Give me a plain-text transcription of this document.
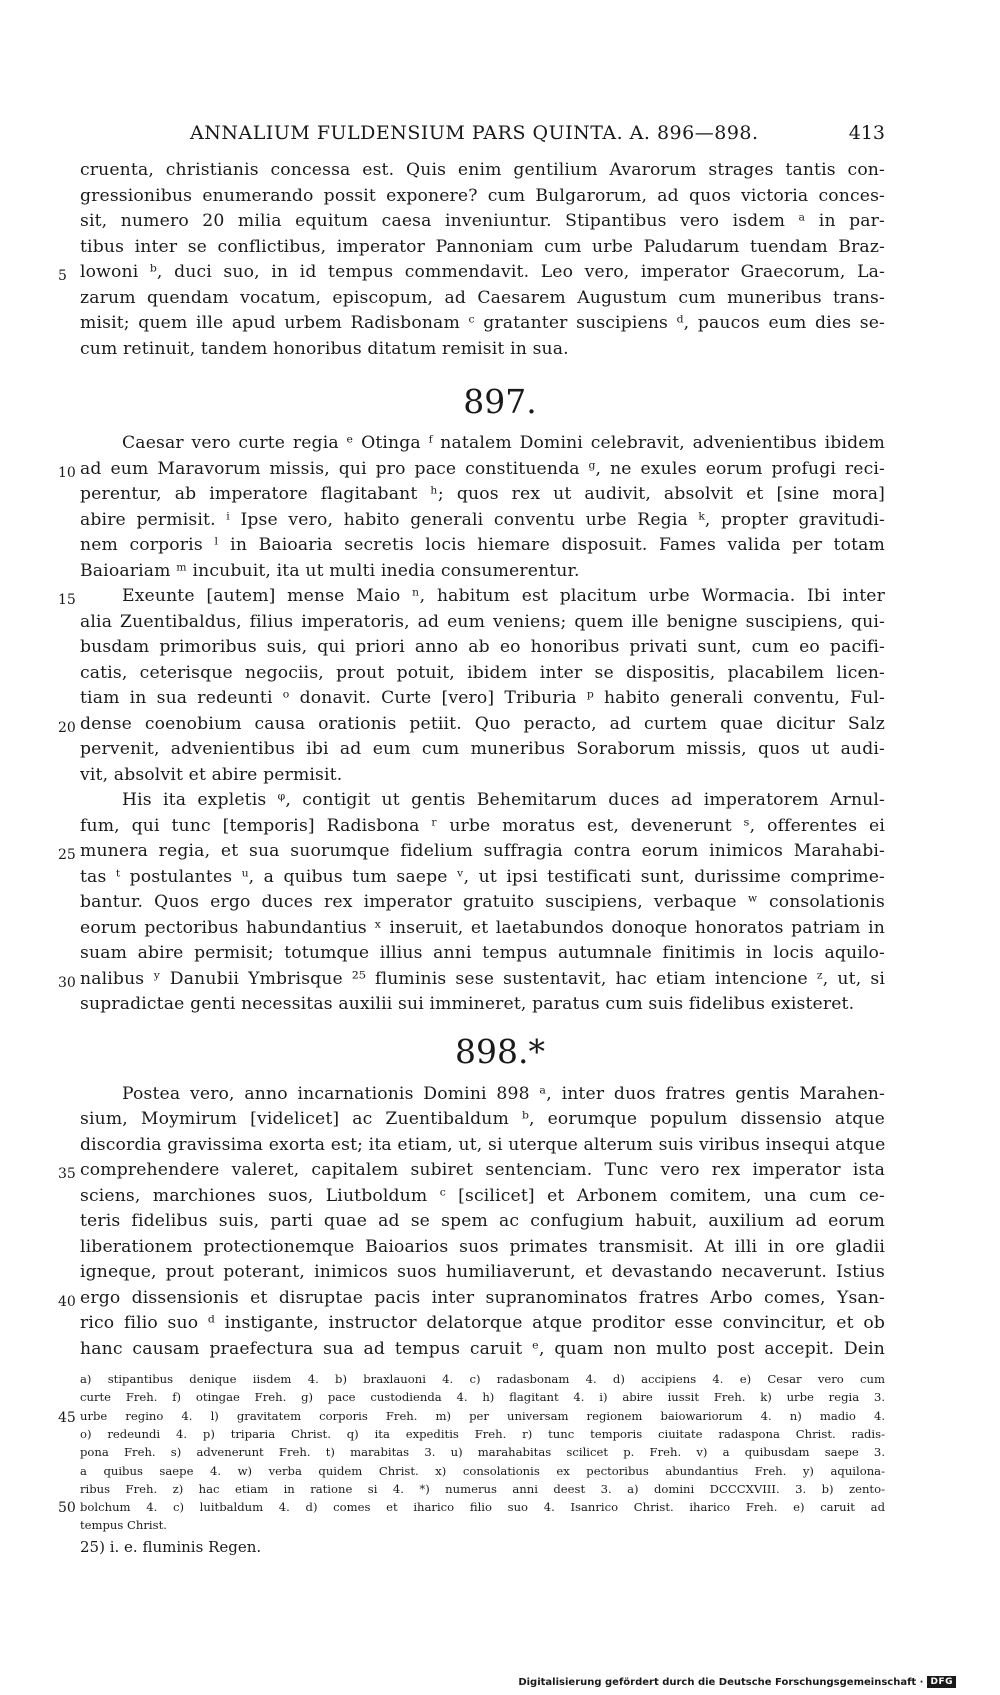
ANNALIUM FULDENSIUM PARS QUINTA. A. 896—898.	413
cruenta, christianis concessa est. Quis enim gentilium Avarorum strages tantis con-
gressionibus enumerando possit exponere? cum Bulgarorum, ad quos victoria conces-
sit, numero 20 milia equitum caesa inveniuntur. Stipantibus vero isdem ᵃ in par-
tibus inter se conflictibus, imperator Pannoniam cum urbe Paludarum tuendam Braz-
lowoni ᵇ, duci suo, in id tempus commendavit. Leo vero, imperator Graecorum, La-
zarum quendam vocatum, episcopum, ad Caesarem Augustum cum muneribus trans-
misit; quem ille apud urbem Radisbonam ᶜ gratanter suscipiens ᵈ, paucos eum dies se-
cum retinuit, tandem honoribus ditatum remisit in sua.
897.
Caesar vero curte regia ᵉ Otinga ᶠ natalem Domini celebravit, advenientibus ibidem
ad eum Maravorum missis, qui pro pace constituenda ᵍ, ne exules eorum profugi reci-
perentur, ab imperatore flagitabant ʰ; quos rex ut audivit, absolvit et [sine mora]
abire permisit. ⁱ Ipse vero, habito generali conventu urbe Regia ᵏ, propter gravitudi-
nem corporis ˡ in Baioaria secretis locis hiemare disposuit. Fames valida per totam
Baioariam ᵐ incubuit, ita ut multi inedia consumerentur.
Exeunte [autem] mense Maio ⁿ, habitum est placitum urbe Wormacia. Ibi inter
alia Zuentibaldus, filius imperatoris, ad eum veniens; quem ille benigne suscipiens, qui-
busdam primoribus suis, qui priori anno ab eo honoribus privati sunt, cum eo pacifi-
catis, ceterisque negociis, prout potuit, ibidem inter se dispositis, placabilem licen-
tiam in sua redeunti ᵒ donavit. Curte [vero] Triburia ᵖ habito generali conventu, Ful-
dense coenobium causa orationis petiit. Quo peracto, ad curtem quae dicitur Salz
pervenit, advenientibus ibi ad eum cum muneribus Soraborum missis, quos ut audi-
vit, absolvit et abire permisit.
His ita expletis ᵠ, contigit ut gentis Behemitarum duces ad imperatorem Arnul-
fum, qui tunc [temporis] Radisbona ʳ urbe moratus est, devenerunt ˢ, offerentes ei
munera regia, et sua suorumque fidelium suffragia contra eorum inimicos Marahabi-
tas ᵗ postulantes ᵘ, a quibus tum saepe ᵛ, ut ipsi testificati sunt, durissime comprime-
bantur. Quos ergo duces rex imperator gratuito suscipiens, verbaque ʷ consolationis
eorum pectoribus habundantius ˣ inseruit, et laetabundos donoque honoratos patriam in
suam abire permisit; totumque illius anni tempus autumnale finitimis in locis aquilo-
nalibus ʸ Danubii Ymbrisque ²⁵ fluminis sese sustentavit, hac etiam intencione ᶻ, ut, si
supradictae genti necessitas auxilii sui immineret, paratus cum suis fidelibus existeret.
898.*
Postea vero, anno incarnationis Domini 898 ᵃ, inter duos fratres gentis Marahen-
sium, Moymirum [videlicet] ac Zuentibaldum ᵇ, eorumque populum dissensio atque
discordia gravissima exorta est; ita etiam, ut, si uterque alterum suis viribus insequi atque
comprehendere valeret, capitalem subiret sentenciam. Tunc vero rex imperator ista
sciens, marchiones suos, Liutboldum ᶜ [scilicet] et Arbonem comitem, una cum ce-
teris fidelibus suis, parti quae ad se spem ac confugium habuit, auxilium ad eorum
liberationem protectionemque Baioarios suos primates transmisit. At illi in ore gladii
igneque, prout poterant, inimicos suos humiliaverunt, et devastando necaverunt. Istius
ergo dissensionis et disruptae pacis inter supranominatos fratres Arbo comes, Ysan-
rico filio suo ᵈ instigante, instructor delatorque atque proditor esse convincitur, et ob
hanc causam praefectura sua ad tempus caruit ᵉ, quam non multo post accepit. Dein
5
10
15
20
25
30
35
40
45
50
a) stipantibus denique iisdem 4. b) braxlauoni 4. c) radasbonam 4. d) accipiens 4. e) Cesar vero cum
curte Freh. f) otingae Freh. g) pace custodienda 4. h) flagitant 4. i) abire iussit Freh. k) urbe regia 3.
urbe regino 4. l) gravitatem corporis Freh. m) per universam regionem baiowariorum 4. n) madio 4.
o) redeundi 4. p) triparia Christ. q) ita expeditis Freh. r) tunc temporis ciuitate radaspona Christ. radis-
pona Freh. s) advenerunt Freh. t) marabitas 3. u) marahabitas scilicet p. Freh. v) a quibusdam saepe 3.
a quibus saepe 4. w) verba quidem Christ. x) consolationis ex pectoribus abundantius Freh. y) aquilona-
ribus Freh. z) hac etiam in ratione si 4. *) numerus anni deest 3. a) domini DCCCXVIII. 3. b) zento-
bolchum 4. c) luitbaldum 4. d) comes et iharico filio suo 4. Isanrico Christ. iharico Freh. e) caruit ad
tempus Christ.
25) i. e. fluminis Regen.
Digitalisierung gefördert durch die Deutsche Forschungsgemeinschaft · DFG
